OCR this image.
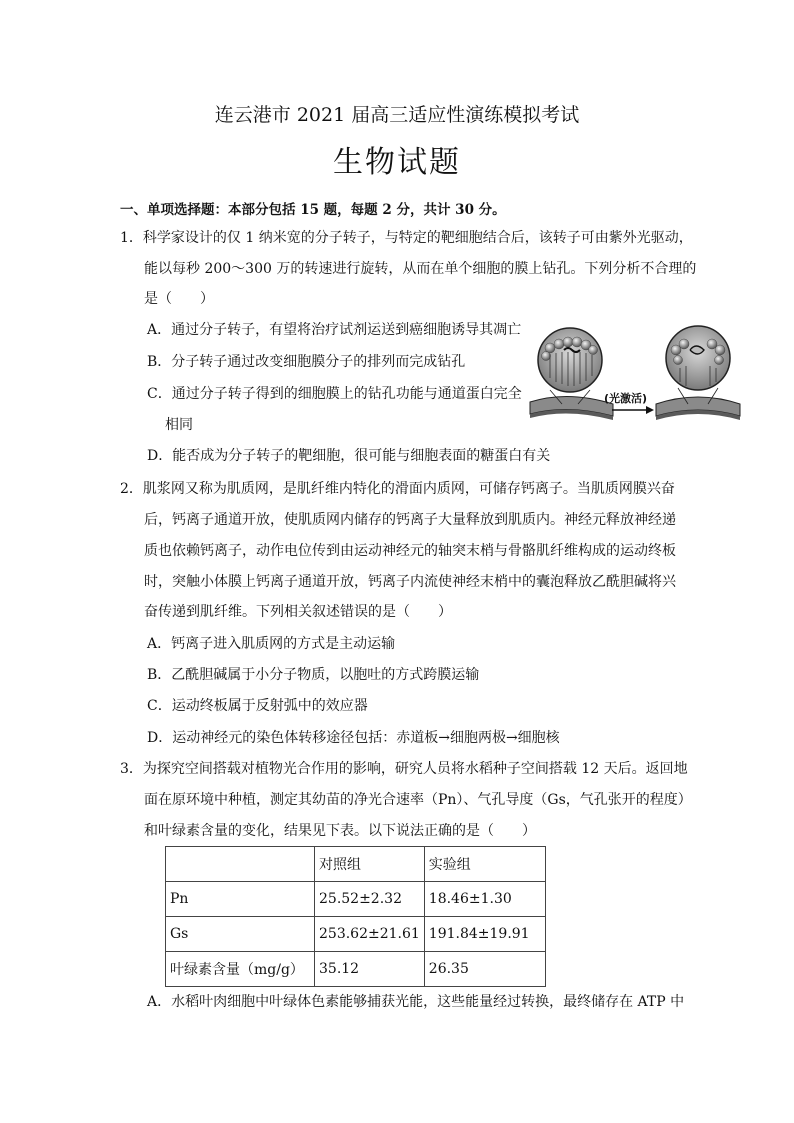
连云港市 2021 届高三适应性演练模拟考试
生物试题
一、单项选择题：本部分包括 15 题，每题 2 分，共计 30 分。
1．科学家设计的仅 1 纳米宽的分子转子，与特定的靶细胞结合后，该转子可由紫外光驱动，
能以每秒 200～300 万的转速进行旋转，从而在单个细胞的膜上钻孔。下列分析不合理的
是（　　）
A．通过分子转子，有望将治疗试剂运送到癌细胞诱导其凋亡
B．分子转子通过改变细胞膜分子的排列而完成钻孔
C．通过分子转子得到的细胞膜上的钻孔功能与通道蛋白完全
相同
D．能否成为分子转子的靶细胞，很可能与细胞表面的糖蛋白有关
(光激活)
2．肌浆网又称为肌质网，是肌纤维内特化的滑面内质网，可储存钙离子。当肌质网膜兴奋
后，钙离子通道开放，使肌质网内储存的钙离子大量释放到肌质内。神经元释放神经递
质也依赖钙离子，动作电位传到由运动神经元的轴突末梢与骨骼肌纤维构成的运动终板
时，突触小体膜上钙离子通道开放，钙离子内流使神经末梢中的囊泡释放乙酰胆碱将兴
奋传递到肌纤维。下列相关叙述错误的是（　　）
A．钙离子进入肌质网的方式是主动运输
B．乙酰胆碱属于小分子物质，以胞吐的方式跨膜运输
C．运动终板属于反射弧中的效应器
D．运动神经元的染色体转移途径包括：赤道板→细胞两极→细胞核
3．为探究空间搭载对植物光合作用的影响，研究人员将水稻种子空间搭载 12 天后。返回地
面在原环境中种植，测定其幼苗的净光合速率（Pn）、气孔导度（Gs，气孔张开的程度）
和叶绿素含量的变化，结果见下表。以下说法正确的是（　　）
	对照组	实验组
Pn	25.52±2.32	18.46±1.30
Gs	253.62±21.61	191.84±19.91
叶绿素含量（mg/g）	35.12	26.35
A．水稻叶肉细胞中叶绿体色素能够捕获光能，这些能量经过转换，最终储存在 ATP 中
